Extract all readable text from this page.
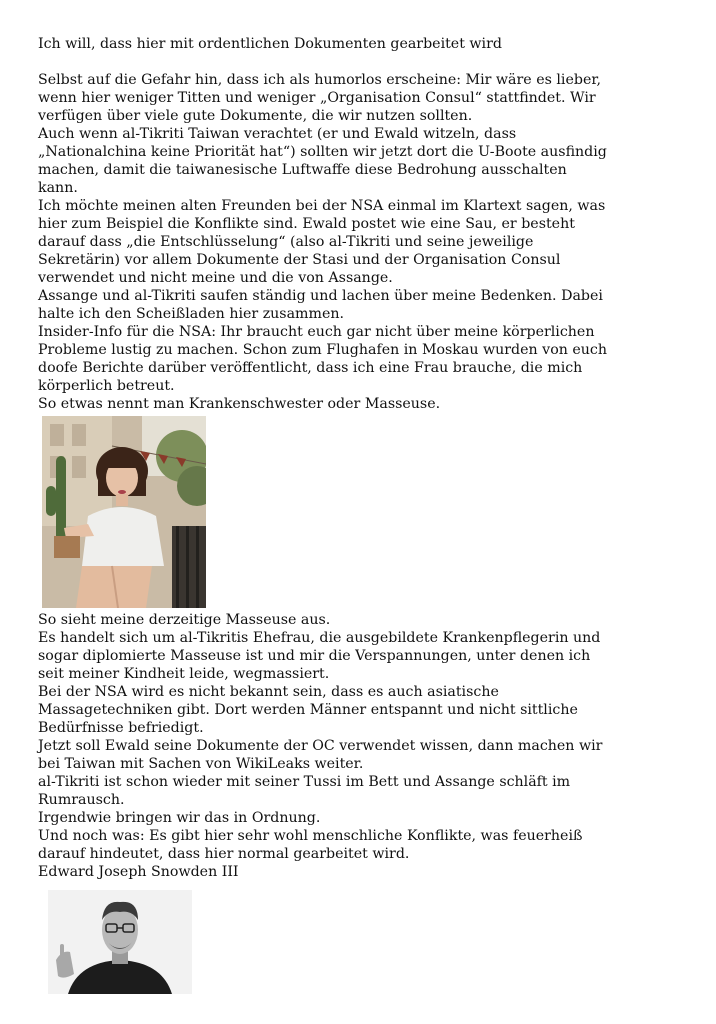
Ich will, dass hier mit ordentlichen Dokumenten gearbeitet wird
Selbst auf die Gefahr hin, dass ich als humorlos erscheine: Mir wäre es lieber,
wenn hier weniger Titten und weniger „Organisation Consul“ stattfindet. Wir
verfügen über viele gute Dokumente, die wir nutzen sollten.
Auch wenn al-Tikriti Taiwan verachtet (er und Ewald witzeln, dass
„Nationalchina keine Priorität hat“) sollten wir jetzt dort die U-Boote ausfindig
machen, damit die taiwanesische Luftwaffe diese Bedrohung ausschalten
kann.
Ich möchte meinen alten Freunden bei der NSA einmal im Klartext sagen, was
hier zum Beispiel die Konflikte sind. Ewald postet wie eine Sau, er besteht
darauf dass „die Entschlüsselung“ (also al-Tikriti und seine jeweilige
Sekretärin) vor allem Dokumente der Stasi und der Organisation Consul
verwendet und nicht meine und die von Assange.
Assange und al-Tikriti saufen ständig und lachen über meine Bedenken. Dabei
halte ich den Scheißladen hier zusammen.
Insider-Info für die NSA: Ihr braucht euch gar nicht über meine körperlichen
Probleme lustig zu machen. Schon zum Flughafen in Moskau wurden von euch
doofe Berichte darüber veröffentlicht, dass ich eine Frau brauche, die mich
körperlich betreut.
So etwas nennt man Krankenschwester oder Masseuse.
So sieht meine derzeitige Masseuse aus.
Es handelt sich um al-Tikritis Ehefrau, die ausgebildete Krankenpflegerin und
sogar diplomierte Masseuse ist und mir die Verspannungen, unter denen ich
seit meiner Kindheit leide, wegmassiert.
Bei der NSA wird es nicht bekannt sein, dass es auch asiatische
Massagetechniken gibt. Dort werden Männer entspannt und nicht sittliche
Bedürfnisse befriedigt.
Jetzt soll Ewald seine Dokumente der OC verwendet wissen, dann machen wir
bei Taiwan mit Sachen von WikiLeaks weiter.
al-Tikriti ist schon wieder mit seiner Tussi im Bett und Assange schläft im
Rumrausch.
Irgendwie bringen wir das in Ordnung.
Und noch was: Es gibt hier sehr wohl menschliche Konflikte, was feuerheiß
darauf hindeutet, dass hier normal gearbeitet wird.
Edward Joseph Snowden III
